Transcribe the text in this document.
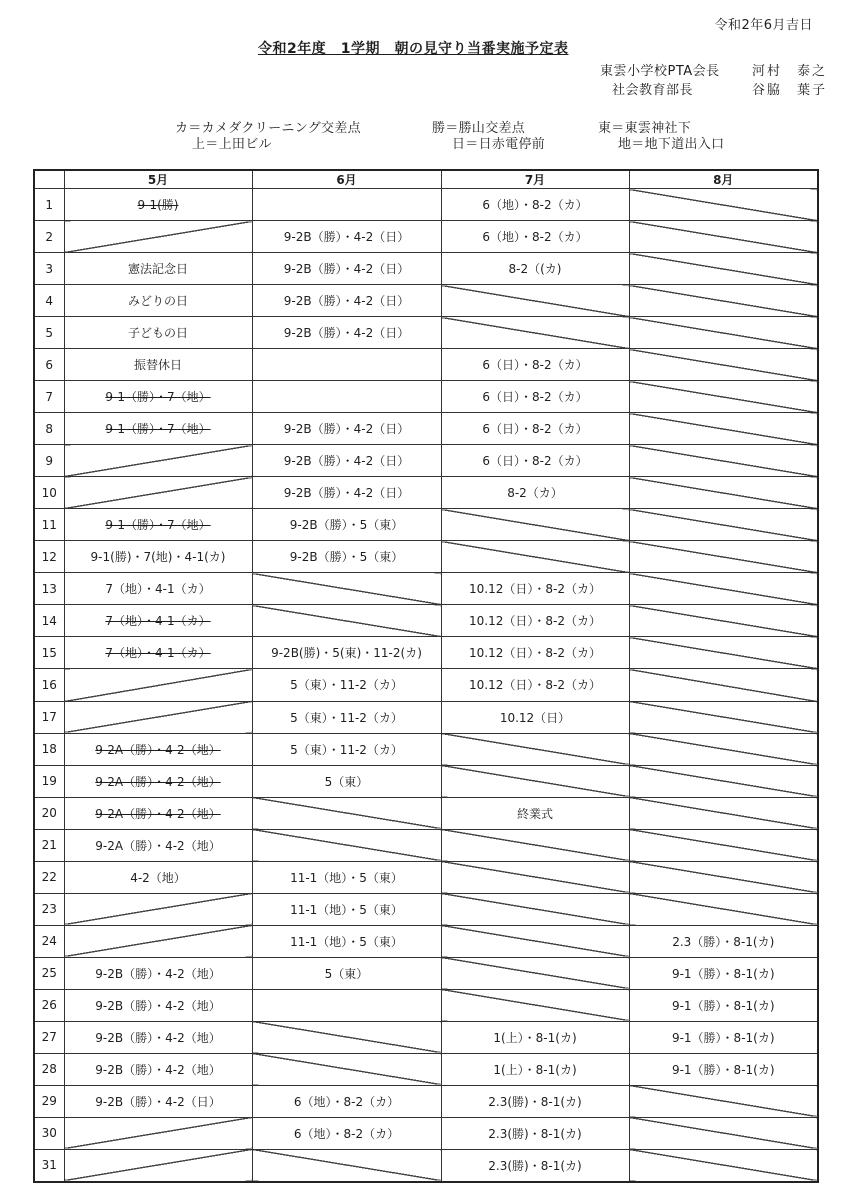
令和2年6月吉日
令和2年度　1学期　朝の見守り当番実施予定表
東雲小学校PTA会長 河村　泰之
社会教育部長	谷脇　葉子
カ＝カメダクリーニング交差点	勝＝勝山交差点	東＝東雲神社下
上＝上田ビル	日＝日赤電停前	地＝地下道出入口
	5月	6月	7月	8月
1	9-1(勝)		6（地）・8-2（カ）	
2		9-2B（勝）・4-2（日）	6（地）・8-2（カ）	
3	憲法記念日	9-2B（勝）・4-2（日）	8-2（(カ)	
4	みどりの日	9-2B（勝）・4-2（日）		
5	子どもの日	9-2B（勝）・4-2（日）		
6	振替休日		6（日）・8-2（カ）	
7	9-1（勝）・7（地）		6（日）・8-2（カ）	
8	9-1（勝）・7（地）	9-2B（勝）・4-2（日）	6（日）・8-2（カ）	
9		9-2B（勝）・4-2（日）	6（日）・8-2（カ）	
10		9-2B（勝）・4-2（日）	8-2（カ）	
11	9-1（勝）・7（地）	9-2B（勝）・5（東）		
12	9-1(勝)・7(地)・4-1(カ)	9-2B（勝）・5（東）		
13	7（地）・4-1（カ）		10.12（日）・8-2（カ）	
14	7（地）・4-1（カ）		10.12（日）・8-2（カ）	
15	7（地）・4-1（カ）	9-2B(勝)・5(東)・11-2(カ)	10.12（日）・8-2（カ）	
16		5（東）・11-2（カ）	10.12（日）・8-2（カ）	
17		5（東）・11-2（カ）	10.12（日）	
18	9-2A（勝）・4-2（地）	5（東）・11-2（カ）		
19	9-2A（勝）・4-2（地）	5（東）		
20	9-2A（勝）・4-2（地）		終業式	
21	9-2A（勝）・4-2（地）			
22	4-2（地）	11-1（地）・5（東）		
23		11-1（地）・5（東）		
24		11-1（地）・5（東）		2.3（勝）・8-1(カ)
25	9-2B（勝）・4-2（地）	5（東）		9-1（勝）・8-1(カ)
26	9-2B（勝）・4-2（地）			9-1（勝）・8-1(カ)
27	9-2B（勝）・4-2（地）		1(上）・8-1(カ)	9-1（勝）・8-1(カ)
28	9-2B（勝）・4-2（地）		1(上）・8-1(カ)	9-1（勝）・8-1(カ)
29	9-2B（勝）・4-2（日）	6（地）・8-2（カ）	2.3(勝)・8-1(カ)	
30		6（地）・8-2（カ）	2.3(勝)・8-1(カ)	
31			2.3(勝)・8-1(カ)	
